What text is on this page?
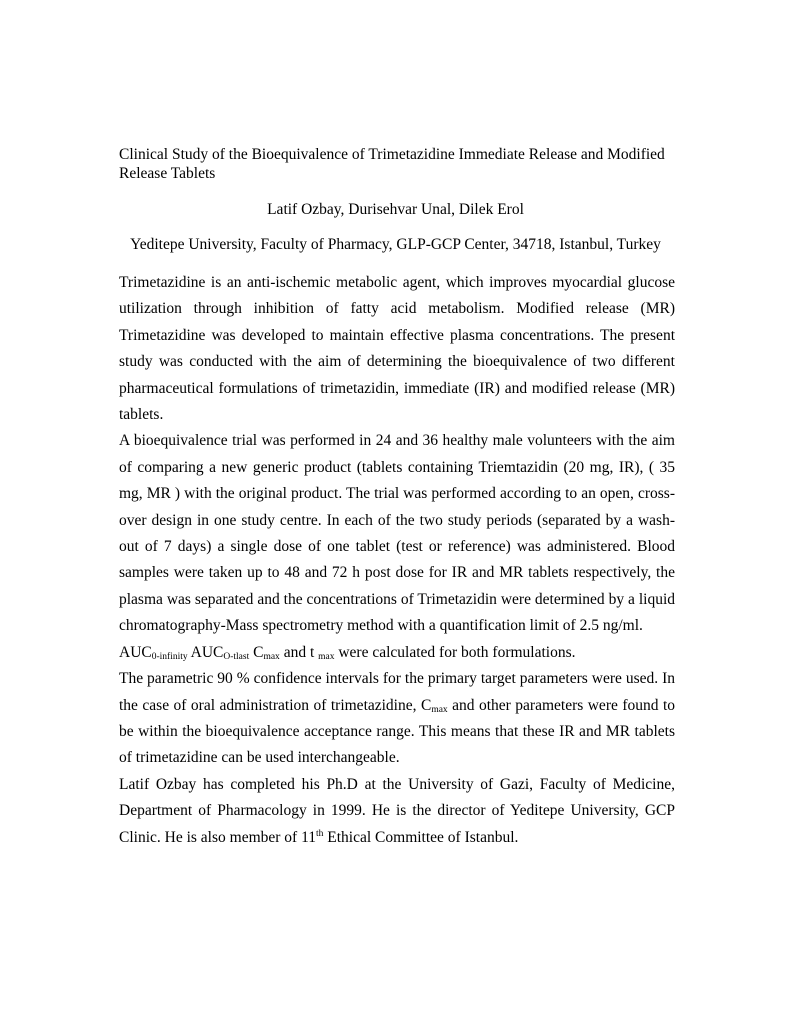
Clinical Study of the Bioequivalence of Trimetazidine Immediate Release and Modified Release Tablets
Latif Ozbay, Durisehvar Unal, Dilek Erol
Yeditepe University, Faculty of Pharmacy, GLP-GCP Center, 34718, Istanbul, Turkey

Trimetazidine is an anti-ischemic metabolic agent, which improves myocardial glucose utilization through inhibition of fatty acid metabolism. Modified release (MR) Trimetazidine was developed to maintain effective plasma concentrations. The present study was conducted with the aim of determining the bioequivalence of two different pharmaceutical formulations of trimetazidin, immediate (IR) and modified release (MR) tablets.

A bioequivalence trial was performed in 24 and 36 healthy male volunteers with the aim of comparing a new generic product (tablets containing Triemtazidin (20 mg, IR), ( 35 mg, MR ) with the original product. The trial was performed according to an open, cross-over design in one study centre. In each of the two study periods (separated by a wash-out of 7 days) a single dose of one tablet (test or reference) was administered. Blood samples were taken up to 48 and 72 h post dose for IR and MR tablets respectively, the plasma was separated and the concentrations of Trimetazidin were determined by a liquid chromatography-Mass spectrometry method with a quantification limit of 2.5 ng/ml.
$AUC_{0-infinity}$ $AUC_{O-tlast}$ $C_{max}$ and t $_{max}$ were calculated for both formulations.

The parametric 90 % confidence intervals for the primary target parameters were used. In the case of oral administration of trimetazidine, $C_{max}$ and other parameters were found to be within the bioequivalence acceptance range. This means that these IR and MR tablets of trimetazidine can be used interchangeable.

Latif Ozbay has completed his Ph.D at the University of Gazi, Faculty of Medicine, Department of Pharmacology in 1999. He is the director of Yeditepe University, GCP Clinic. He is also member of 11th Ethical Committee of Istanbul.
